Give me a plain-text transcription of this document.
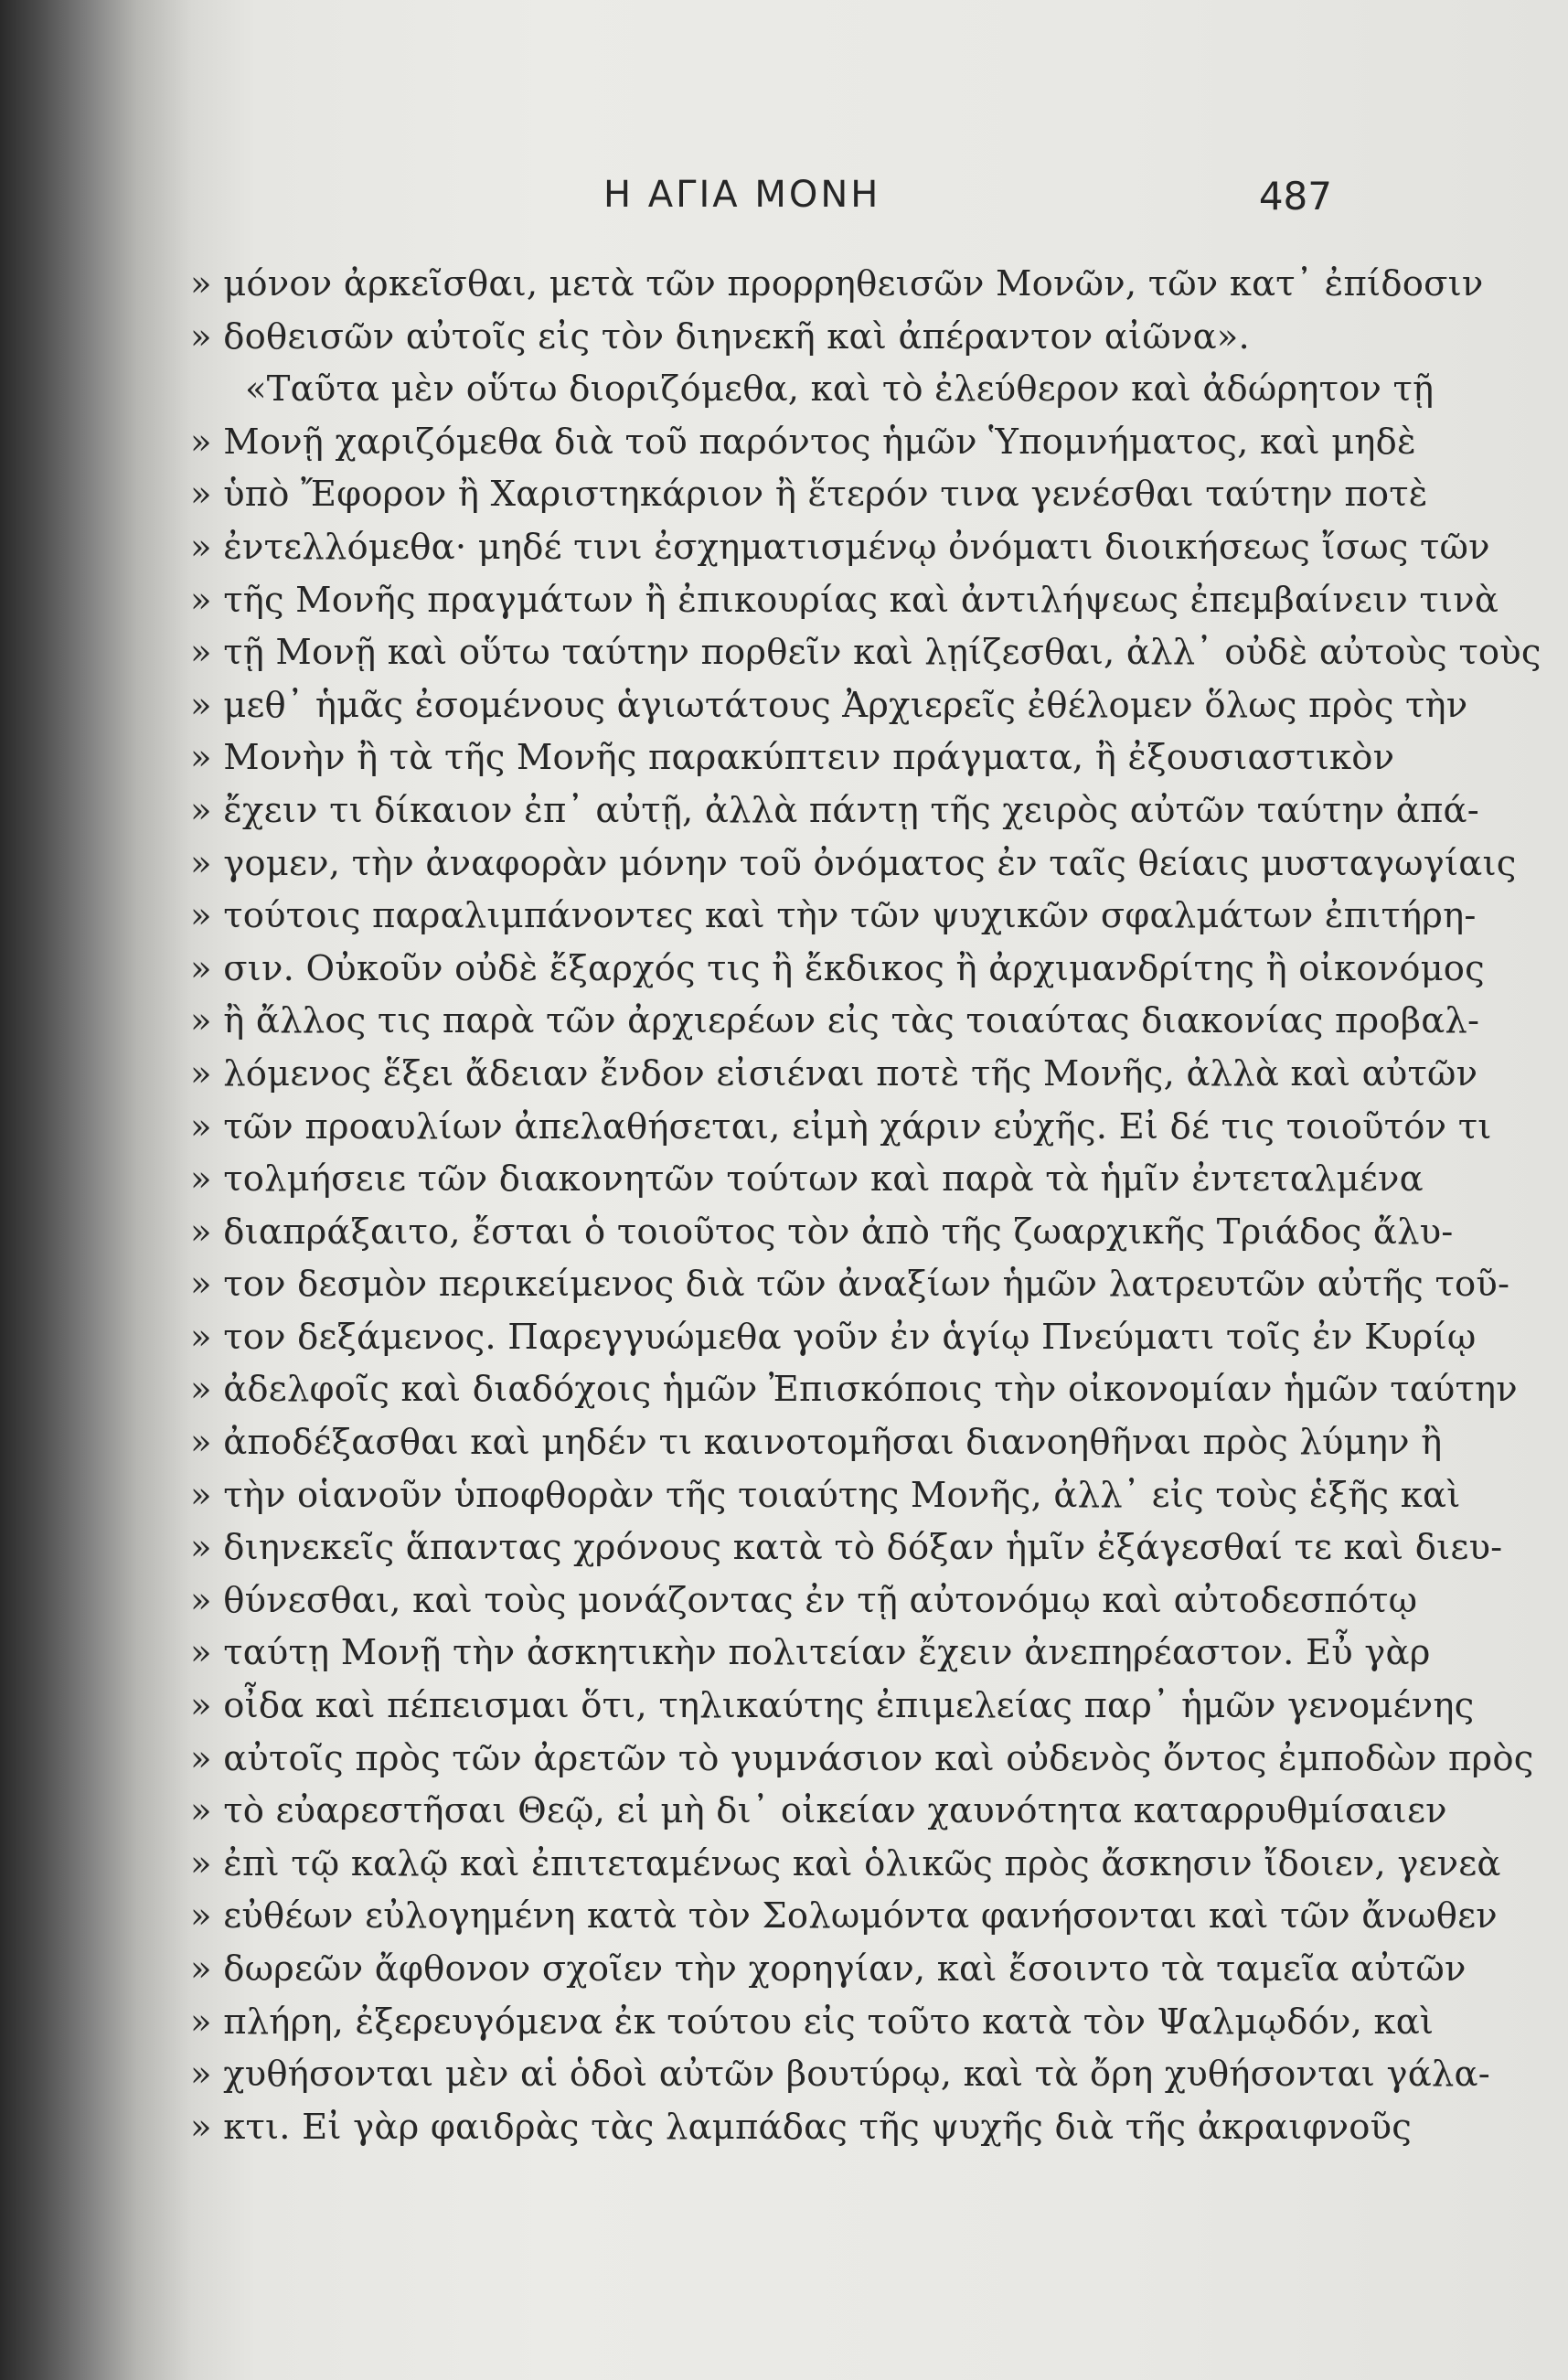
Η ΑΓΙΑ ΜΟΝΗ	487
» μόνον ἀρκεῖσθαι, μετὰ τῶν προρρηθεισῶν Μονῶν, τῶν κατ᾽ ἐπίδοσιν
» δοθεισῶν αὐτοῖς εἰς τὸν διηνεκῆ καὶ ἀπέραντον αἰῶνα».
«Ταῦτα μὲν οὕτω διοριζόμεθα, καὶ τὸ ἐλεύθερον καὶ ἀδώρητον τῇ
» Μονῇ χαριζόμεθα διὰ τοῦ παρόντος ἡμῶν Ὑπομνήματος, καὶ μηδὲ
» ὑπὸ Ἔφορον ἢ Χαριστηκάριον ἢ ἕτερόν τινα γενέσθαι ταύτην ποτὲ
» ἐντελλόμεθα· μηδέ τινι ἐσχηματισμένῳ ὀνόματι διοικήσεως ἴσως τῶν
» τῆς Μονῆς πραγμάτων ἢ ἐπικουρίας καὶ ἀντιλήψεως ἐπεμβαίνειν τινὰ
» τῇ Μονῇ καὶ οὕτω ταύτην πορθεῖν καὶ λῃίζεσθαι, ἀλλ᾽ οὐδὲ αὐτοὺς τοὺς
» μεθ᾽ ἡμᾶς ἐσομένους ἁγιωτάτους Ἀρχιερεῖς ἐθέλομεν ὅλως πρὸς τὴν
» Μονὴν ἢ τὰ τῆς Μονῆς παρακύπτειν πράγματα, ἢ ἐξουσιαστικὸν
» ἔχειν τι δίκαιον ἐπ᾽ αὐτῇ, ἀλλὰ πάντῃ τῆς χειρὸς αὐτῶν ταύτην ἀπά-
» γομεν, τὴν ἀναφορὰν μόνην τοῦ ὀνόματος ἐν ταῖς θείαις μυσταγωγίαις
» τούτοις παραλιμπάνοντες καὶ τὴν τῶν ψυχικῶν σφαλμάτων ἐπιτήρη-
» σιν. Οὐκοῦν οὐδὲ ἔξαρχός τις ἢ ἔκδικος ἢ ἀρχιμανδρίτης ἢ οἰκονόμος
» ἢ ἄλλος τις παρὰ τῶν ἀρχιερέων εἰς τὰς τοιαύτας διακονίας προβαλ-
» λόμενος ἕξει ἄδειαν ἔνδον εἰσιέναι ποτὲ τῆς Μονῆς, ἀλλὰ καὶ αὐτῶν
» τῶν προαυλίων ἀπελαθήσεται, εἰμὴ χάριν εὐχῆς. Εἰ δέ τις τοιοῦτόν τι
» τολμήσειε τῶν διακονητῶν τούτων καὶ παρὰ τὰ ἡμῖν ἐντεταλμένα
» διαπράξαιτο, ἔσται ὁ τοιοῦτος τὸν ἀπὸ τῆς ζωαρχικῆς Τριάδος ἄλυ-
» τον δεσμὸν περικείμενος διὰ τῶν ἀναξίων ἡμῶν λατρευτῶν αὐτῆς τοῦ-
» τον δεξάμενος. Παρεγγυώμεθα γοῦν ἐν ἁγίῳ Πνεύματι τοῖς ἐν Κυρίῳ
» ἀδελφοῖς καὶ διαδόχοις ἡμῶν Ἐπισκόποις τὴν οἰκονομίαν ἡμῶν ταύτην
» ἀποδέξασθαι καὶ μηδέν τι καινοτομῆσαι διανοηθῆναι πρὸς λύμην ἢ
» τὴν οἱανοῦν ὑποφθορὰν τῆς τοιαύτης Μονῆς, ἀλλ᾽ εἰς τοὺς ἑξῆς καὶ
» διηνεκεῖς ἅπαντας χρόνους κατὰ τὸ δόξαν ἡμῖν ἐξάγεσθαί τε καὶ διευ-
» θύνεσθαι, καὶ τοὺς μονάζοντας ἐν τῇ αὐτονόμῳ καὶ αὐτοδεσπότῳ
» ταύτῃ Μονῇ τὴν ἀσκητικὴν πολιτείαν ἔχειν ἀνεπηρέαστον. Εὖ γὰρ
» οἶδα καὶ πέπεισμαι ὅτι, τηλικαύτης ἐπιμελείας παρ᾽ ἡμῶν γενομένης
» αὐτοῖς πρὸς τῶν ἀρετῶν τὸ γυμνάσιον καὶ οὐδενὸς ὄντος ἐμποδὼν πρὸς
» τὸ εὐαρεστῆσαι Θεῷ, εἰ μὴ δι᾽ οἰκείαν χαυνότητα καταρρυθμίσαιεν
» ἐπὶ τῷ καλῷ καὶ ἐπιτεταμένως καὶ ὁλικῶς πρὸς ἄσκησιν ἴδοιεν, γενεὰ
» εὐθέων εὐλογημένη κατὰ τὸν Σολωμόντα φανήσονται καὶ τῶν ἄνωθεν
» δωρεῶν ἄφθονον σχοῖεν τὴν χορηγίαν, καὶ ἔσοιντο τὰ ταμεῖα αὐτῶν
» πλήρη, ἐξερευγόμενα ἐκ τούτου εἰς τοῦτο κατὰ τὸν Ψαλμῳδόν, καὶ
» χυθήσονται μὲν αἱ ὁδοὶ αὐτῶν βουτύρῳ, καὶ τὰ ὄρη χυθήσονται γάλα-
» κτι. Εἰ γὰρ φαιδρὰς τὰς λαμπάδας τῆς ψυχῆς διὰ τῆς ἀκραιφνοῦς
